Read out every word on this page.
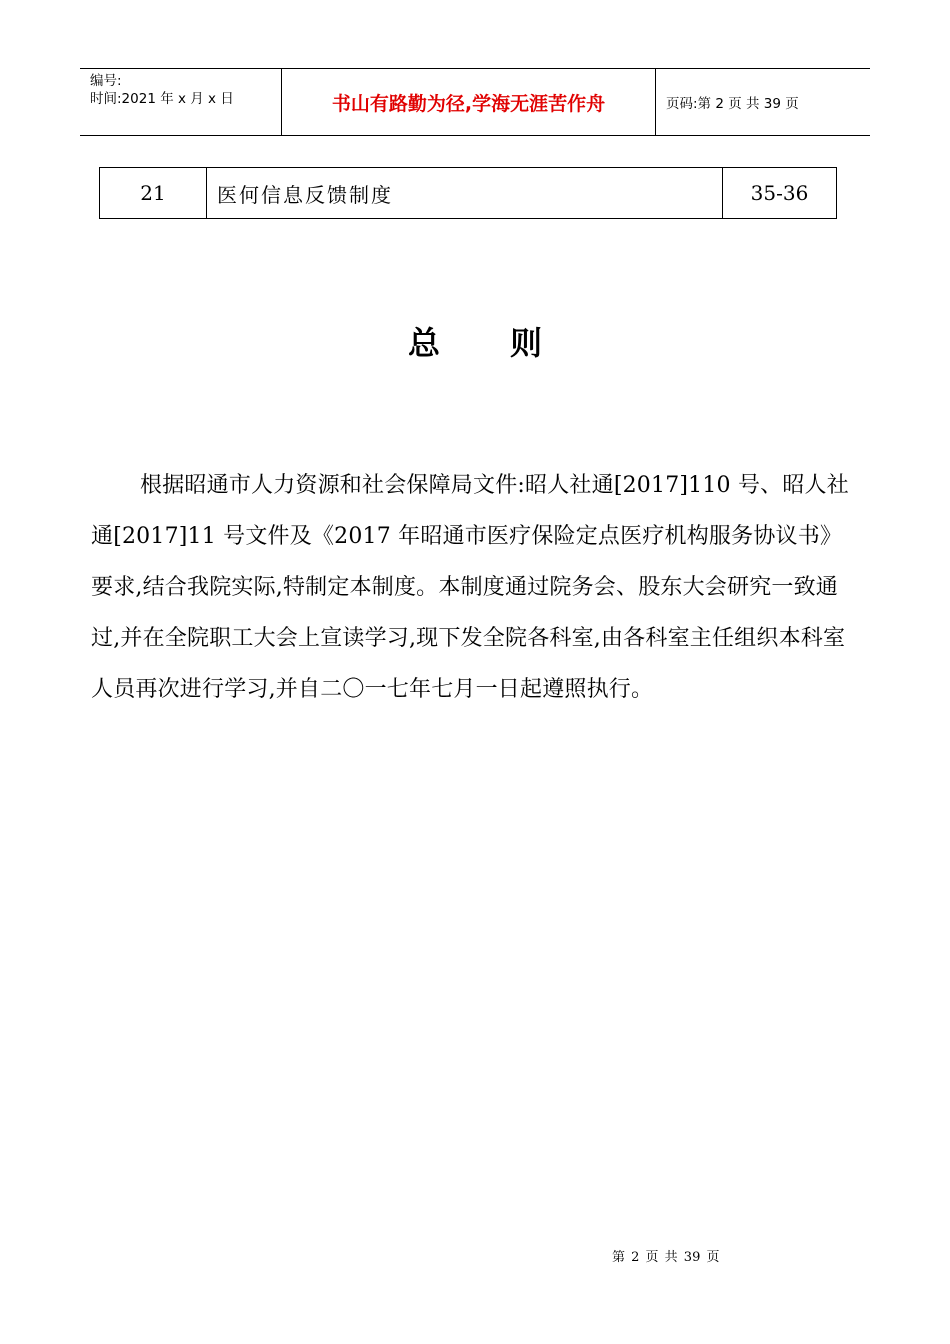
编号:
时间:2021 年 x 月 x 日	书山有路勤为径,学海无涯苦作舟	页码:第 2 页 共 39 页
21	医何信息反馈制度	35-36
总则
根据昭通市人力资源和社会保障局文件:昭人社通[2017]110 号、昭人社通[2017]11 号文件及《2017 年昭通市医疗保险定点医疗机构服务协议书》要求,结合我院实际,特制定本制度。本制度通过院务会、股东大会研究一致通过,并在全院职工大会上宣读学习,现下发全院各科室,由各科室主任组织本科室人员再次进行学习,并自二〇一七年七月一日起遵照执行。
第 2 页 共 39 页
